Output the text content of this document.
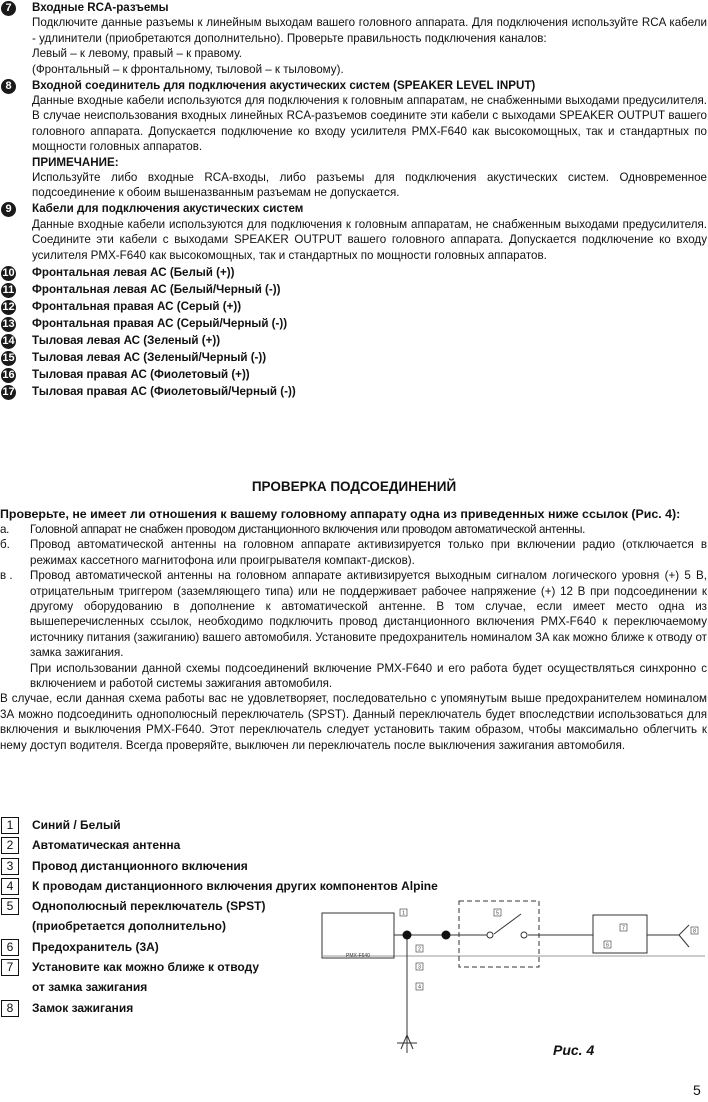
7	Входные RCA-разъемы
Подключите данные разъемы к линейным выходам вашего головного аппарата. Для подключения используйте RCA кабели - удлинители (приобретаются дополнительно). Проверьте правильность подключения каналов:
Левый – к левому, правый – к правому.
(Фронтальный – к фронтальному, тыловой – к тыловому).
8	Входной соединитель для подключения акустических систем (SPEAKER LEVEL INPUT)
Данные входные кабели используются для подключения к головным аппаратам, не снабженными выходами предусилителя. В случае неиспользования входных линейных RCA-разъемов соедините эти кабели с выходами SPEAKER OUTPUT вашего головного аппарата. Допускается подключение ко входу усилителя PMX-F640 как высокомощных, так и стандартных по мощности головных аппаратов.
ПРИМЕЧАНИЕ:
Используйте либо входные RCA-входы, либо разъемы для подключения акустических систем. Одновременное подсоединение к обоим вышеназванным разъемам не допускается.
9	Кабели для подключения акустических систем
Данные входные кабели используются для подключения к головным аппаратам, не снабженным выходами предусилителя. Соедините эти кабели с выходами SPEAKER OUTPUT вашего головного аппарата. Допускается подключение ко входу усилителя PMX-F640 как высокомощных, так и стандартных по мощности головных аппаратов.
10 Фронтальная левая АС (Белый (+))
11 Фронтальная левая АС (Белый/Черный (-))
12 Фронтальная правая АС (Серый (+))
13 Фронтальная правая АС (Серый/Черный (-))
14 Тыловая левая АС (Зеленый (+))
15 Тыловая левая АС (Зеленый/Черный (-))
16 Тыловая правая АС (Фиолетовый (+))
17 Тыловая правая АС (Фиолетовый/Черный (-))
ПРОВЕРКА ПОДСОЕДИНЕНИЙ
Проверьте, не имеет ли отношения к вашему головному аппарату одна из приведенных ниже ссылок (Рис. 4):
а. Головной аппарат не снабжен проводом дистанционного включения или проводом автоматической антенны.
б. Провод автоматической антенны на головном аппарате активизируется только при включении радио (отключается в режимах кассетного магнитофона или проигрывателя компакт-дисков).
в . Провод автоматической антенны на головном аппарате активизируется выходным сигналом логического уровня (+) 5 В, отрицательным триггером (заземляющего типа) или не поддерживает рабочее напряжение (+) 12 В при подсоединении к другому оборудованию в дополнение к автоматической антенне. В том случае, если имеет место одна из вышеперечисленных ссылок, необходимо подключить провод дистанционного включения PMX-F640 к переключаемому источнику питания (зажиганию) вашего автомобиля. Установите предохранитель номиналом 3А как можно ближе к отводу от замка зажигания.
При использовании данной схемы подсоединений включение PMX-F640 и его работа будет осуществляться синхронно с включением и работой системы зажигания автомобиля.
В случае, если данная схема работы вас не удовлетворяет, последовательно с упомянутым выше предохранителем номиналом 3А можно подсоединить однополюсный переключатель (SPST). Данный переключатель будет впоследствии использоваться для включения и выключения PMX-F640. Этот переключатель следует установить таким образом, чтобы максимально облегчить к нему доступ водителя. Всегда проверяйте, выключен ли переключатель после выключения зажигания автомобиля.
1	Синий / Белый
2	Автоматическая антенна
3	Провод дистанционного включения
4	К проводам дистанционного включения других компонентов Alpine
5	Однополюсный переключатель (SPST)
(приобретается дополнительно)
6	Предохранитель (3А)
7	Установите как можно ближе к отводу
от замка зажигания
8	Замок зажигания
PMX-F640
1
2
3
4
5
6
7	8
Рис. 4
5
